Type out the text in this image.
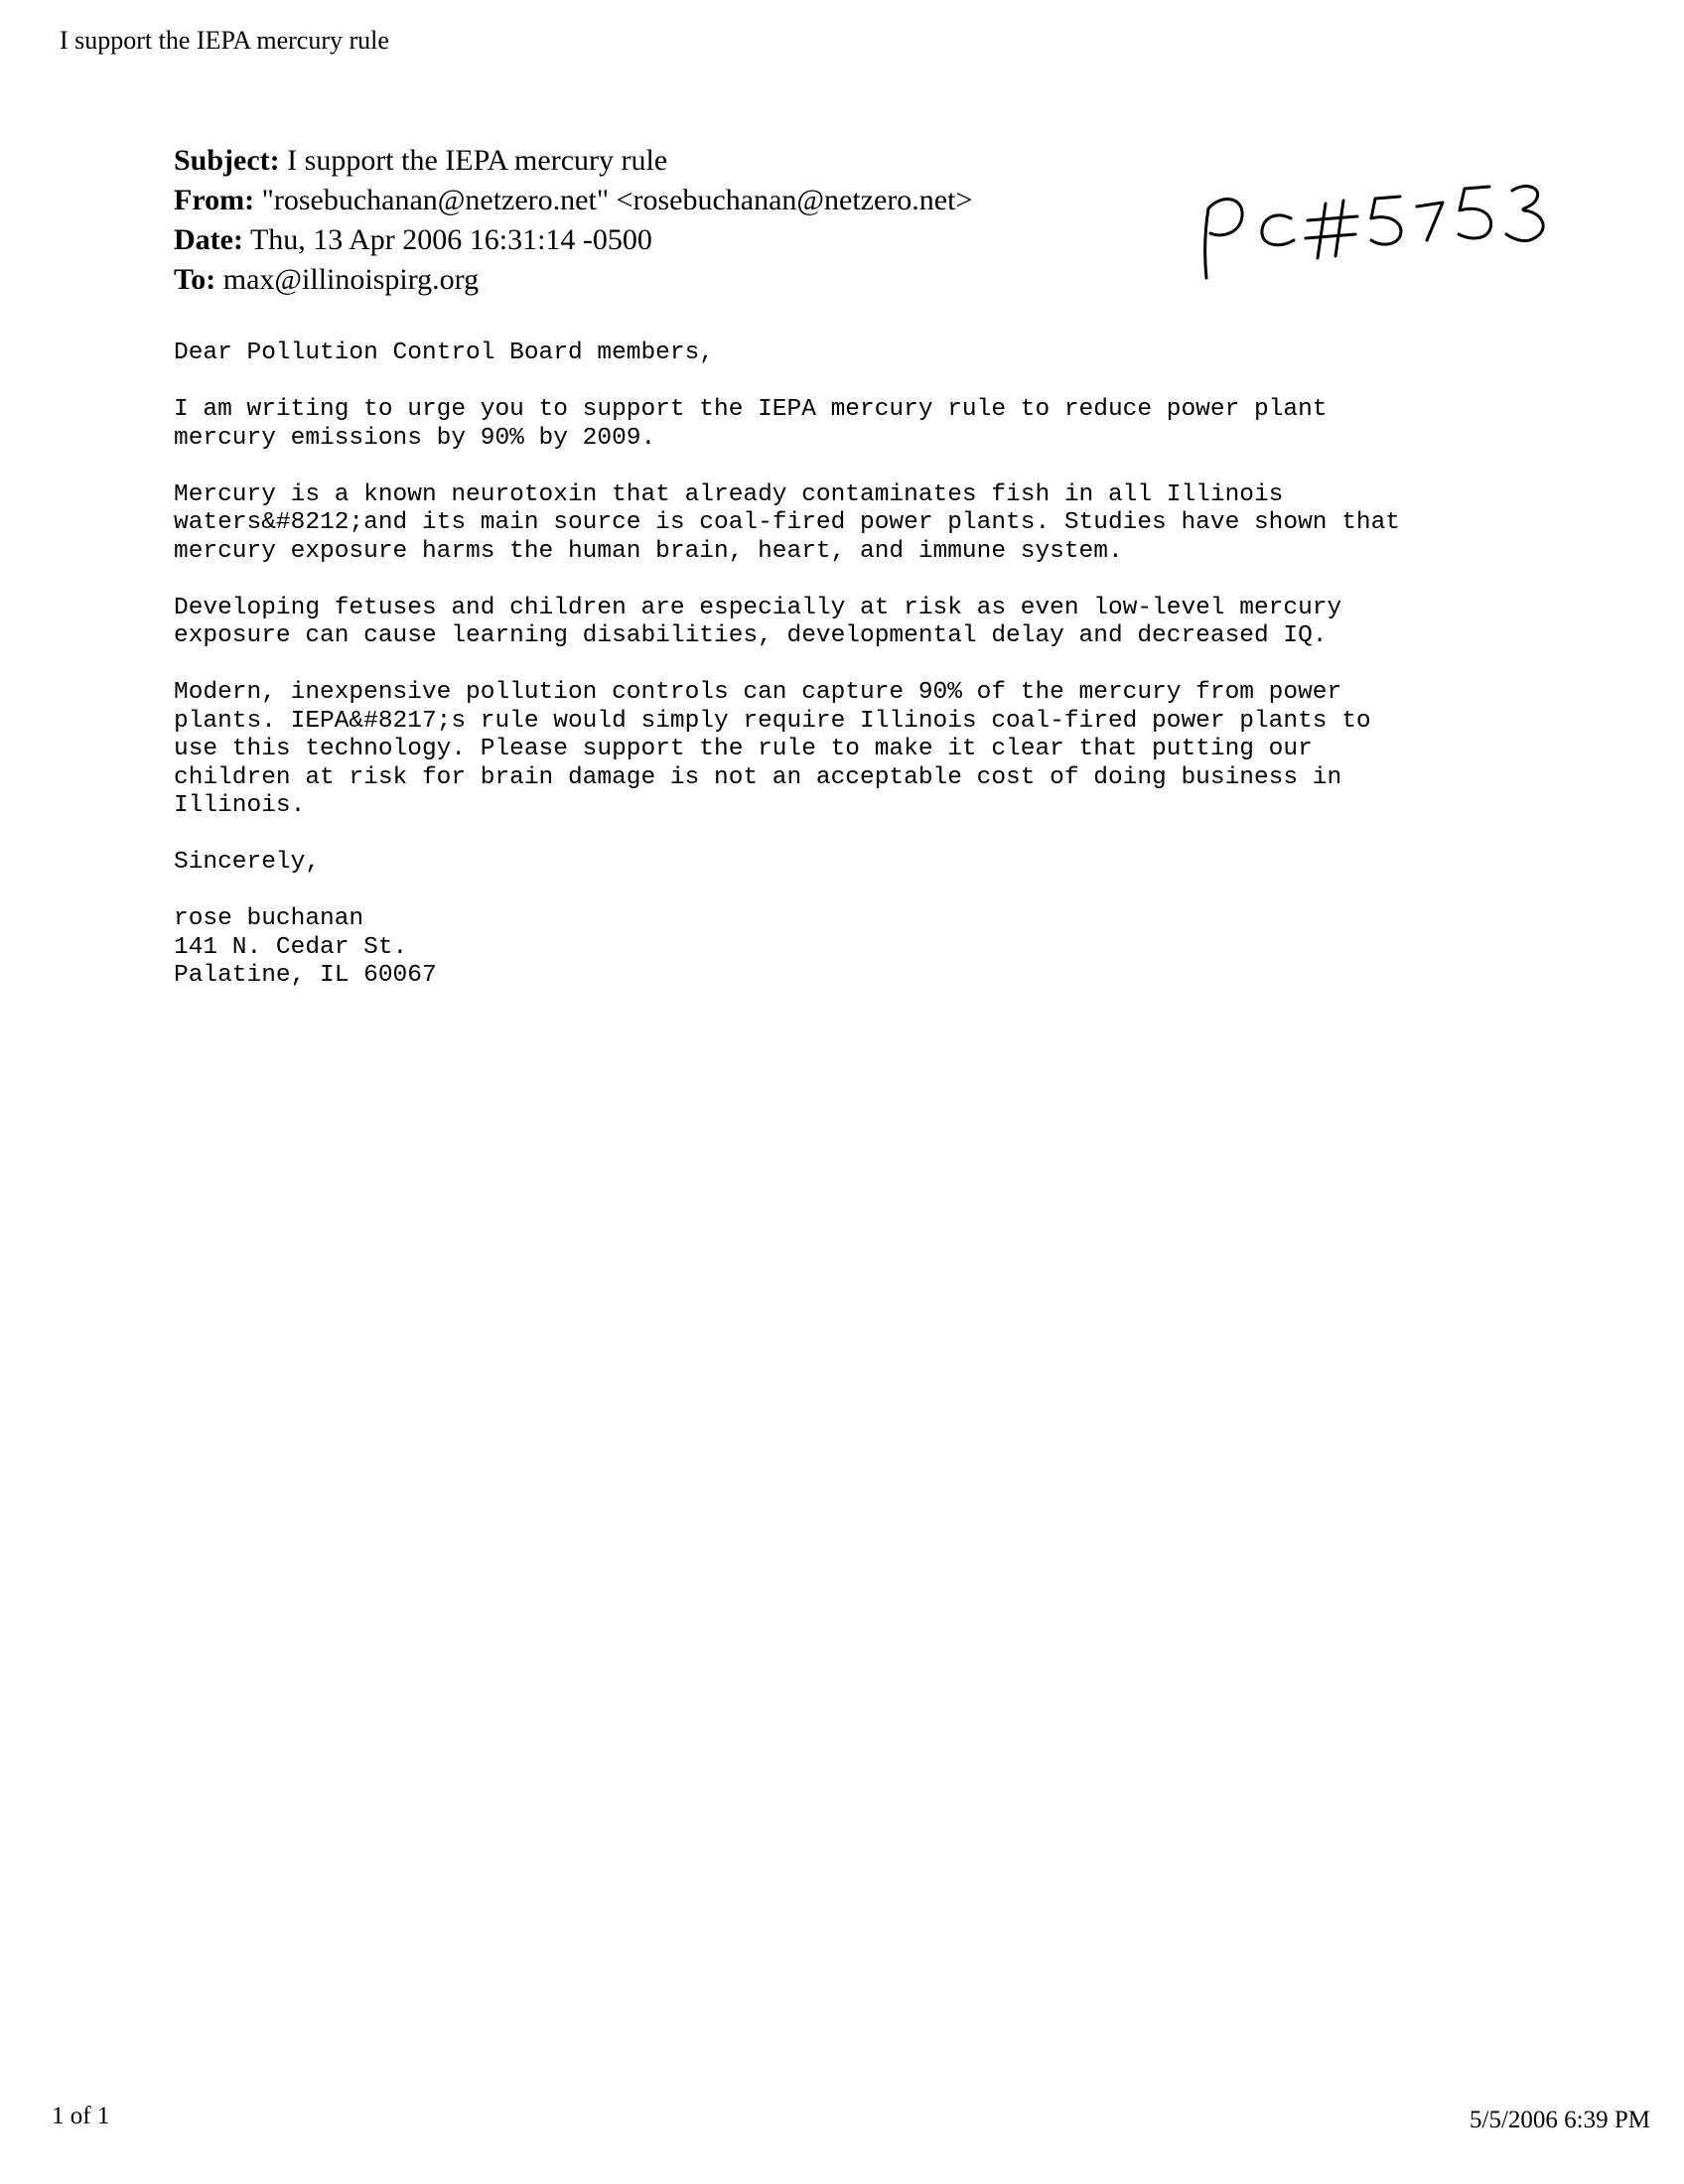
I support the IEPA mercury rule
Subject: I support the IEPA mercury rule
From: "rosebuchanan@netzero.net" <rosebuchanan@netzero.net>
Date: Thu, 13 Apr 2006 16:31:14 -0500
To: max@illinoispirg.org

Dear Pollution Control Board members,

I am writing to urge you to support the IEPA mercury rule to reduce power plant
mercury emissions by 90% by 2009.

Mercury is a known neurotoxin that already contaminates fish in all Illinois
waters&#8212;and its main source is coal-fired power plants. Studies have shown that
mercury exposure harms the human brain, heart, and immune system.

Developing fetuses and children are especially at risk as even low-level mercury
exposure can cause learning disabilities, developmental delay and decreased IQ.

Modern, inexpensive pollution controls can capture 90% of the mercury from power
plants. IEPA&#8217;s rule would simply require Illinois coal-fired power plants to
use this technology. Please support the rule to make it clear that putting our
children at risk for brain damage is not an acceptable cost of doing business in
Illinois.

Sincerely,

rose buchanan
141 N. Cedar St.
Palatine, IL 60067
1 of 1	5/5/2006 6:39 PM
